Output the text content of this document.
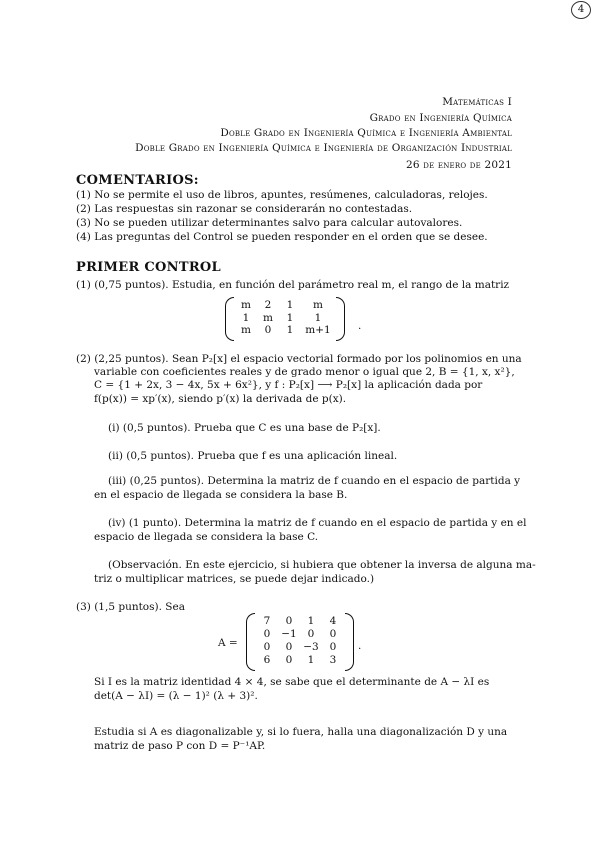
4
Matemáticas I
Grado en Ingeniería Química
Doble Grado en Ingeniería Química e Ingeniería Ambiental
Doble Grado en Ingeniería Química e Ingeniería de Organización Industrial
26 de enero de 2021
COMENTARIOS:
(1) No se permite el uso de libros, apuntes, resúmenes, calculadoras, relojes.
(2) Las respuestas sin razonar se considerarán no contestadas.
(3) No se pueden utilizar determinantes salvo para calcular autovalores.
(4) Las preguntas del Control se pueden responder en el orden que se desee.
PRIMER CONTROL
(1) (0,75 puntos). Estudia, en función del parámetro real m, el rango de la matriz
m	2	1	m
1	m	1	1
m	0	1	m+1	.
(2) (2,25 puntos). Sean P₂[x] el espacio vectorial formado por los polinomios en una
variable con coeficientes reales y de grado menor o igual que 2, B = {1, x, x²},
C = {1 + 2x, 3 − 4x, 5x + 6x²}, y f : P₂[x] ⟶ P₂[x] la aplicación dada por
f(p(x)) = xp′(x), siendo p′(x) la derivada de p(x).
(i) (0,5 puntos). Prueba que C es una base de P₂[x].
(ii) (0,5 puntos). Prueba que f es una aplicación lineal.
(iii) (0,25 puntos). Determina la matriz de f cuando en el espacio de partida y
en el espacio de llegada se considera la base B.
(iv) (1 punto). Determina la matriz de f cuando en el espacio de partida y en el
espacio de llegada se considera la base C.
(Observación. En este ejercicio, si hubiera que obtener la inversa de alguna ma-
triz o multiplicar matrices, se puede dejar indicado.)
(3) (1,5 puntos). Sea
A =
7	0	1	4
0	−1	0	0
0	0	−3	0
6	0	1	3
.
Si I es la matriz identidad 4 × 4, se sabe que el determinante de A − λI es
det(A − λI) = (λ − 1)² (λ + 3)².
Estudia si A es diagonalizable y, si lo fuera, halla una diagonalización D y una
matriz de paso P con D = P⁻¹AP.
